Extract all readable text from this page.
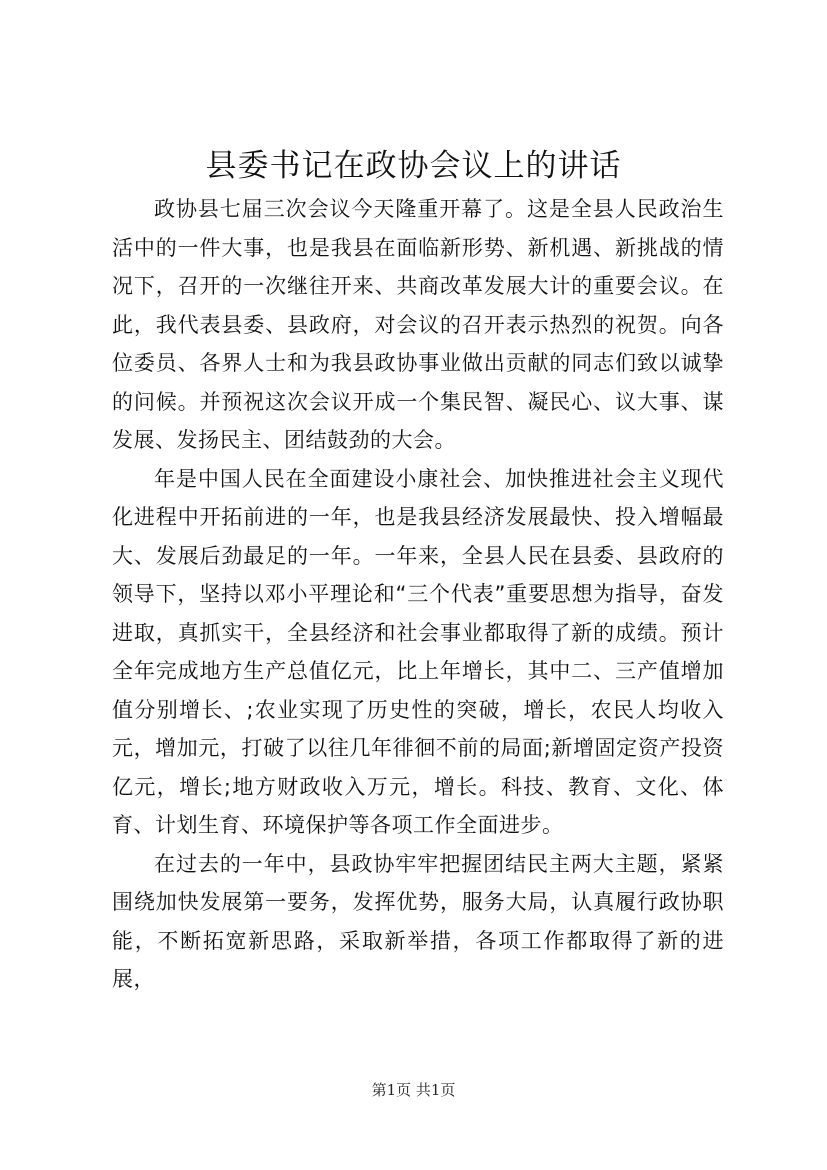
县委书记在政协会议上的讲话

政协县七届三次会议今天隆重开幕了。这是全县人民政治生活中的一件大事，也是我县在面临新形势、新机遇、新挑战的情况下，召开的一次继往开来、共商改革发展大计的重要会议。在此，我代表县委、县政府，对会议的召开表示热烈的祝贺。向各位委员、各界人士和为我县政协事业做出贡献的同志们致以诚挚的问候。并预祝这次会议开成一个集民智、凝民心、议大事、谋发展、发扬民主、团结鼓劲的大会。

年是中国人民在全面建设小康社会、加快推进社会主义现代化进程中开拓前进的一年，也是我县经济发展最快、投入增幅最大、发展后劲最足的一年。一年来，全县人民在县委、县政府的领导下，坚持以邓小平理论和“三个代表”重要思想为指导，奋发进取，真抓实干，全县经济和社会事业都取得了新的成绩。预计全年完成地方生产总值亿元，比上年增长，其中二、三产值增加值分别增长、;农业实现了历史性的突破，增长，农民人均收入元，增加元，打破了以往几年徘徊不前的局面;新增固定资产投资亿元，增长;地方财政收入万元，增长。科技、教育、文化、体育、计划生育、环境保护等各项工作全面进步。

在过去的一年中，县政协牢牢把握团结民主两大主题，紧紧围绕加快发展第一要务，发挥优势，服务大局，认真履行政协职能，不断拓宽新思路，采取新举措，各项工作都取得了新的进展，

第1页 共1页
